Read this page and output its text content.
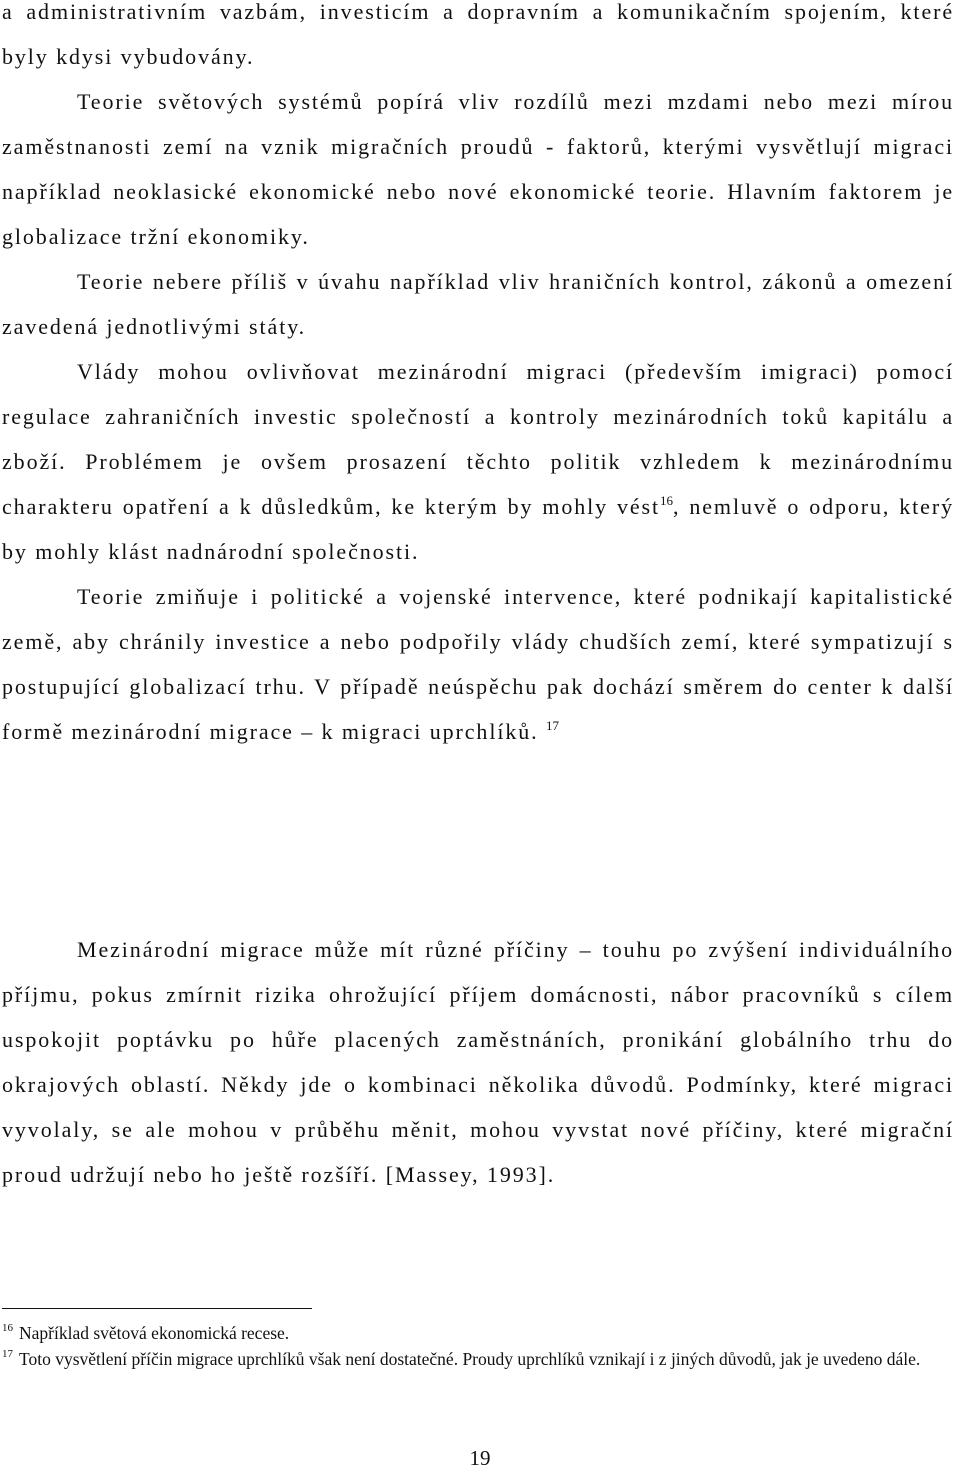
a administrativním vazbám, investicím a dopravním a komunikačním spojením, které byly kdysi vybudovány.

Teorie světových systémů popírá vliv rozdílů mezi mzdami nebo mezi mírou zaměstnanosti zemí na vznik migračních proudů - faktorů, kterými vysvětlují migraci například neoklasické ekonomické nebo nové ekonomické teorie. Hlavním faktorem je globalizace tržní ekonomiky.

Teorie nebere příliš v úvahu například vliv hraničních kontrol, zákonů a omezení zavedená jednotlivými státy.

Vlády mohou ovlivňovat mezinárodní migraci (především imigraci) pomocí regulace zahraničních investic společností a kontroly mezinárodních toků kapitálu a zboží. Problémem je ovšem prosazení těchto politik vzhledem k mezinárodnímu charakteru opatření a k důsledkům, ke kterým by mohly vést$^{16}$, nemluvě o odporu, který by mohly klást nadnárodní společnosti.

Teorie zmiňuje i politické a vojenské intervence, které podnikají kapitalistické země, aby chránily investice a nebo podpořily vlády chudších zemí, které sympatizují s postupující globalizací trhu. V případě neúspěchu pak dochází směrem do center k další formě mezinárodní migrace – k migraci uprchlíků. $^{17}$

Mezinárodní migrace může mít různé příčiny – touhu po zvýšení individuálního příjmu, pokus zmírnit rizika ohrožující příjem domácnosti, nábor pracovníků s cílem uspokojit poptávku po hůře placených zaměstnáních, pronikání globálního trhu do okrajových oblastí. Někdy jde o kombinaci několika důvodů. Podmínky, které migraci vyvolaly, se ale mohou v průběhu měnit, mohou vyvstat nové příčiny, které migrační proud udržují nebo ho ještě rozšíří. [Massey, 1993].

$^{16}$ Například světová ekonomická recese.

$^{17}$ Toto vysvětlení příčin migrace uprchlíků však není dostatečné. Proudy uprchlíků vznikají i z jiných důvodů, jak je uvedeno dále.

19
